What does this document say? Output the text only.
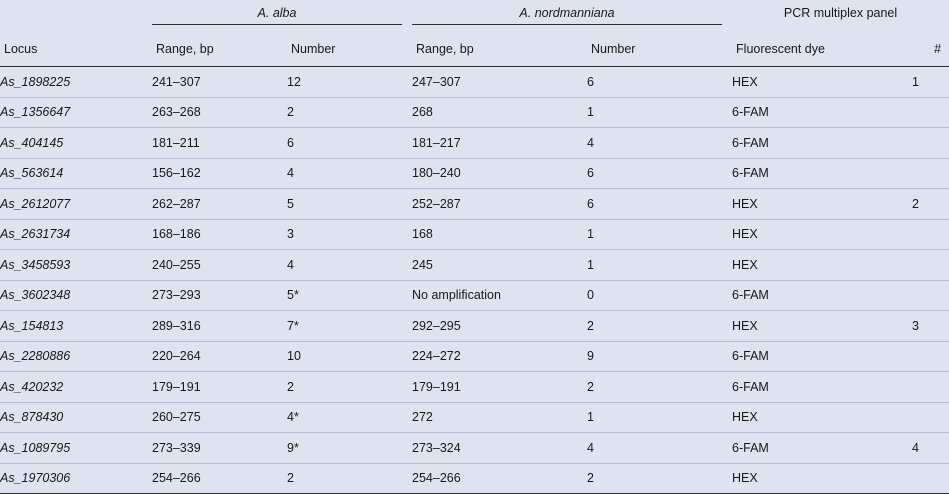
	A. alba		A. nordmanniana		PCR multiplex panel	

Locus	Range, bp	Number	Range, bp	Number	Fluorescent dye	#
As_1898225	241–307	12	247–307	6	HEX	1
As_1356647	263–268	2	268	1	6-FAM	
As_404145	181–211	6	181–217	4	6-FAM	
As_563614	156–162	4	180–240	6	6-FAM	
As_2612077	262–287	5	252–287	6	HEX	2
As_2631734	168–186	3	168	1	HEX	
As_3458593	240–255	4	245	1	HEX	
As_3602348	273–293	5*	No amplification	0	6-FAM	
As_154813	289–316	7*	292–295	2	HEX	3
As_2280886	220–264	10	224–272	9	6-FAM	
As_420232	179–191	2	179–191	2	6-FAM	
As_878430	260–275	4*	272	1	HEX	
As_1089795	273–339	9*	273–324	4	6-FAM	4
As_1970306	254–266	2	254–266	2	HEX	
